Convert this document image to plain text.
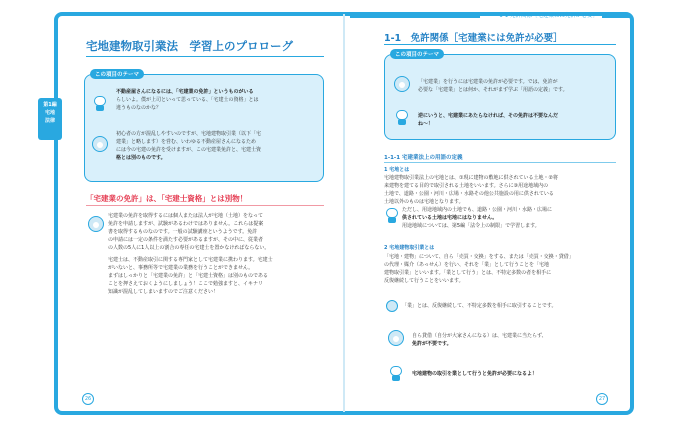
1-1 免許関係［宅建業には免許が必要］
第1編
宅地
法律
宅地建物取引業法　学習上のプロローグ
この項目のテーマ
不動産屋さんになるには、「宅建業の免許」というものがいる
らしいよ。僕が上司といって思っている、「宅建士の資格」とは
違うものなのかな？
初心者の方が混乱しやすいのですが、宅地建物取引業（以下「宅
建業」と略します）を営む、いわゆる不動産屋さんになるため
には今の宅建の免許を受けますが、この宅建業免許と、宅建士資
格とは別のものです。
「宅建業の免許」は、「宅建士資格」とは別物！
宅建業の免許を取得するには個人または法人が宅地（土地）をなって
免許を申請しますが、試験があるわけではありません。これらは提案
書を取得するものなのです。一般の試験講座というようです。免許
の申請には一定の条件を満たす必要があるますが、その中に、従業者
の人数の5人に1人以上の割合の専任の宅建士を置かなければならない。
宅建士は、不動産取引に関する専門家として宅建業に携わります。宅建士
がいないと、事務所等で宅建業の業務を行うことができません。
まずはしっかりと「宅建業の免許」と「宅建士資格」は別のものである
ことを押さえておくようにしましょう！ここで勉強ますと、イキナリ
知識が混乱してしまいますのでご注意ください！
26
1-1　免許関係［宅建業には免許が必要］
この項目のテーマ
「宅建業」を行うには宅建業の免許が必要です。では、免許が
必要な「宅建業」とは何か、それがまず学ぶ「用語の定義」です。
逆にいうと、宅建業にあたらなければ、その免許は不要なんだ
ね～！
1-1-1 宅建業法上の用語の定義
1 宅地とは
宅地建物取引業法上の宅地とは、①現に建物の敷地に供されている土地・②将
来建物を建てる目的で取引される土地をいいます。さらに③用途地域内の
土地で、道路・公園・河川・広場・水路その他公共施設の用に供されている
土地以外のものは宅地となります。
ただし、用途地域内の土地でも、道路・公園・河川・水路・広場に
供されている土地は宅地にはなりません。
用途地域については、第5編「法令上の制限」で学習します。
2 宅地建物取引業とは
「宅地・建物」について、自ら「売買・交換」をする、または「売買・交換・貸借」
の代理・媒介（あっせん）を行い、それを「業」として行うことを「宅地
建物取引業」といいます。「業として行う」とは、不特定多数の者を相手に
反復継続して行うことをいいます。
「業」とは、反復継続して、不特定多数を相手に取引することです。
自ら貸借（自分が大家さんになる）は、宅建業に当たらず、
免許が不要です。
宅地建物の取引を業として行うと免許が必要になるよ！
27
